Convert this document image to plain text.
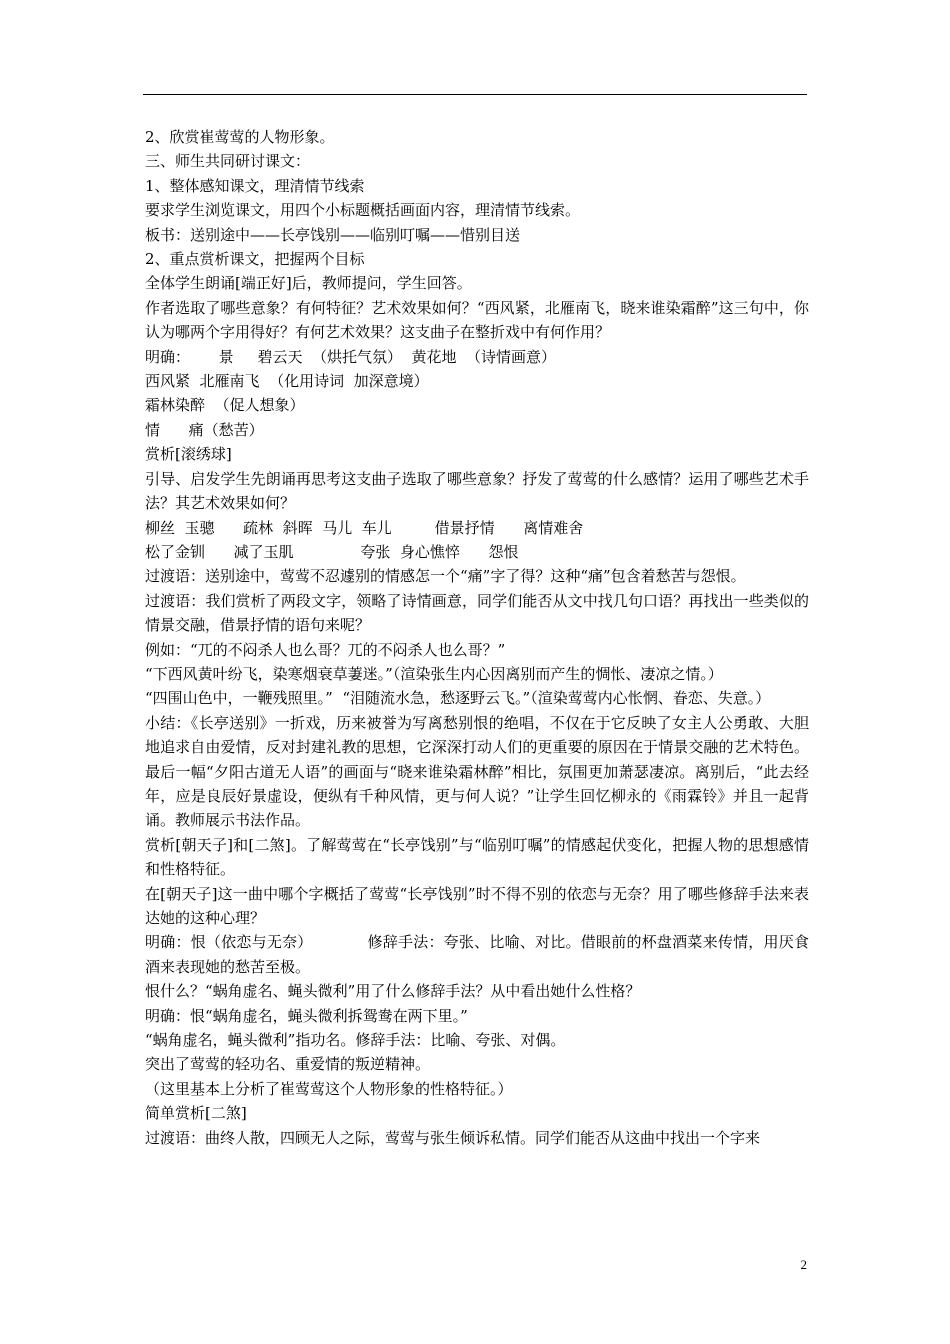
2、欣赏崔莺莺的人物形象。

三、师生共同研讨课文：

1、整体感知课文，理清情节线索

要求学生浏览课文，用四个小标题概括画面内容，理清情节线索。

板书：送别途中——长亭饯别——临别叮嘱——惜别目送

2、重点赏析课文，把握两个目标

全体学生朗诵[端正好]后，教师提问，学生回答。

作者选取了哪些意象？有何特征？艺术效果如何？“西风紧，北雁南飞，晓来谁染霜醉”这三句中，你认为哪两个字用得好？有何艺术效果？这支曲子在整折戏中有何作用？

明确：      景     碧云天  （烘托气氛）  黄花地  （诗情画意）

西风紧  北雁南飞  （化用诗词  加深意境）

霜林染醉  （促人想象）

情      痛（愁苦）

赏析[滚绣球]

引导、启发学生先朗诵再思考这支曲子选取了哪些意象？抒发了莺莺的什么感情？运用了哪些艺术手法？其艺术效果如何？

柳丝  玉骢      疏林  斜晖  马儿  车儿         借景抒情      离情难舍

松了金钏      减了玉肌              夸张  身心憔悴      怨恨

过渡语：送别途中，莺莺不忍遽别的情感怎一个“痛”字了得？这种“痛”包含着愁苦与怨恨。

过渡语：我们赏析了两段文字，领略了诗情画意，同学们能否从文中找几句口语？再找出一些类似的情景交融，借景抒情的语句来呢？

例如：“兀的不闷杀人也么哥？兀的不闷杀人也么哥？”

“下西风黄叶纷飞，染寒烟衰草萋迷。”（渲染张生内心因离别而产生的惆怅、凄凉之情。）

“四围山色中，一鞭残照里。”  “泪随流水急，愁逐野云飞。”（渲染莺莺内心怅惘、眷恋、失意。）

小结：《长亭送别》一折戏，历来被誉为写离愁别恨的绝唱，不仅在于它反映了女主人公勇敢、大胆地追求自由爱情，反对封建礼教的思想，它深深打动人们的更重要的原因在于情景交融的艺术特色。最后一幅“夕阳古道无人语”的画面与“晓来谁染霜林醉”相比，氛围更加萧瑟凄凉。离别后，“此去经年，应是良辰好景虚设，便纵有千种风情，更与何人说？”让学生回忆柳永的《雨霖铃》并且一起背诵。教师展示书法作品。

赏析[朝天子]和[二煞]。了解莺莺在“长亭饯别”与“临别叮嘱”的情感起伏变化，把握人物的思想感情和性格特征。

在[朝天子]这一曲中哪个字概括了莺莺“长亭饯别”时不得不别的依恋与无奈？用了哪些修辞手法来表达她的这种心理？

明确：恨（依恋与无奈）           修辞手法：夸张、比喻、对比。借眼前的杯盘酒菜来传情，用厌食酒来表现她的愁苦至极。

恨什么？“蜗角虚名、蝇头微利”用了什么修辞手法？从中看出她什么性格？

明确：恨“蜗角虚名，蝇头微利拆鸳鸯在两下里。”

“蜗角虚名，蝇头微利”指功名。修辞手法：比喻、夸张、对偶。

突出了莺莺的轻功名、重爱情的叛逆精神。

（这里基本上分析了崔莺莺这个人物形象的性格特征。）

简单赏析[二煞]

过渡语：曲终人散，四顾无人之际，莺莺与张生倾诉私情。同学们能否从这曲中找出一个字来

2
